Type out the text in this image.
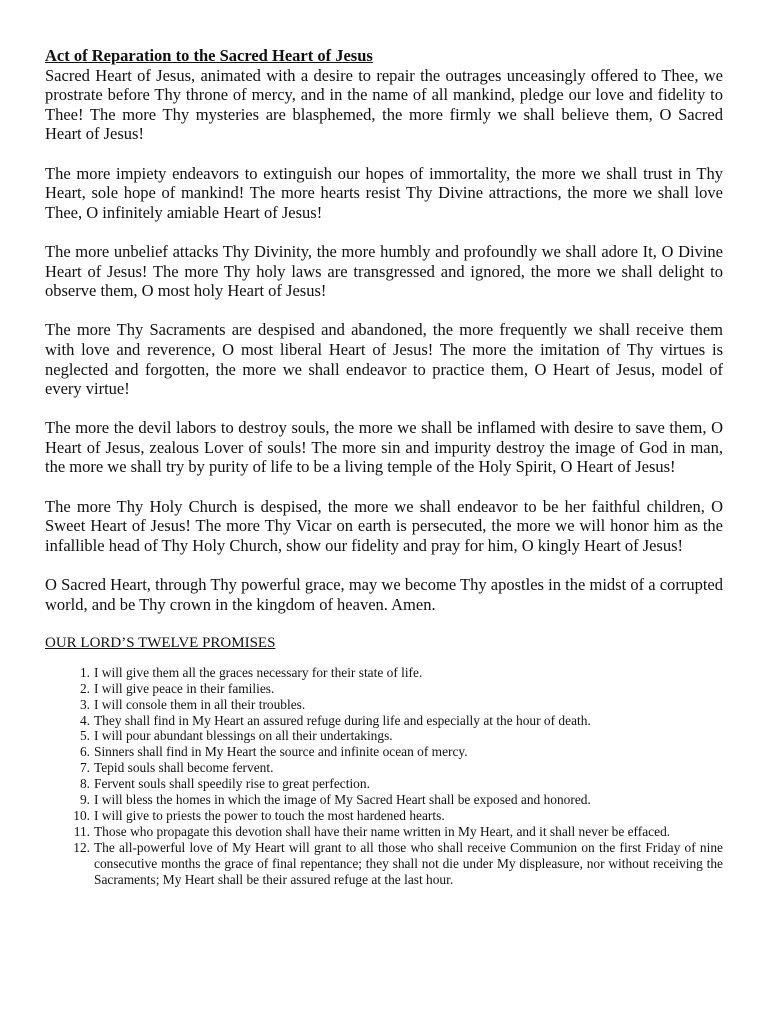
Act of Reparation to the Sacred Heart of Jesus

Sacred Heart of Jesus, animated with a desire to repair the outrages unceasingly offered to Thee, we prostrate before Thy throne of mercy, and in the name of all mankind, pledge our love and fidelity to Thee! The more Thy mysteries are blasphemed, the more firmly we shall believe them, O Sacred Heart of Jesus!

The more impiety endeavors to extinguish our hopes of immortality, the more we shall trust in Thy Heart, sole hope of mankind! The more hearts resist Thy Divine attractions, the more we shall love Thee, O infinitely amiable Heart of Jesus!

The more unbelief attacks Thy Divinity, the more humbly and profoundly we shall adore It, O Divine Heart of Jesus! The more Thy holy laws are transgressed and ignored, the more we shall delight to observe them, O most holy Heart of Jesus!

The more Thy Sacraments are despised and abandoned, the more frequently we shall receive them with love and reverence, O most liberal Heart of Jesus! The more the imitation of Thy virtues is neglected and forgotten, the more we shall endeavor to practice them, O Heart of Jesus, model of every virtue!

The more the devil labors to destroy souls, the more we shall be inflamed with desire to save them, O Heart of Jesus, zealous Lover of souls! The more sin and impurity destroy the image of God in man, the more we shall try by purity of life to be a living temple of the Holy Spirit, O Heart of Jesus!

The more Thy Holy Church is despised, the more we shall endeavor to be her faithful children, O Sweet Heart of Jesus! The more Thy Vicar on earth is persecuted, the more we will honor him as the infallible head of Thy Holy Church, show our fidelity and pray for him, O kingly Heart of Jesus!

O Sacred Heart, through Thy powerful grace, may we become Thy apostles in the midst of a corrupted world, and be Thy crown in the kingdom of heaven. Amen.

OUR LORD’S TWELVE PROMISES
1. I will give them all the graces necessary for their state of life.
2. I will give peace in their families.
3. I will console them in all their troubles.
4. They shall find in My Heart an assured refuge during life and especially at the hour of death.
5. I will pour abundant blessings on all their undertakings.
6. Sinners shall find in My Heart the source and infinite ocean of mercy.
7. Tepid souls shall become fervent.
8. Fervent souls shall speedily rise to great perfection.
9. I will bless the homes in which the image of My Sacred Heart shall be exposed and honored.
10. I will give to priests the power to touch the most hardened hearts.
11. Those who propagate this devotion shall have their name written in My Heart, and it shall never be effaced.
12. The all-powerful love of My Heart will grant to all those who shall receive Communion on the first Friday of nine consecutive months the grace of final repentance; they shall not die under My displeasure, nor without receiving the Sacraments; My Heart shall be their assured refuge at the last hour.
